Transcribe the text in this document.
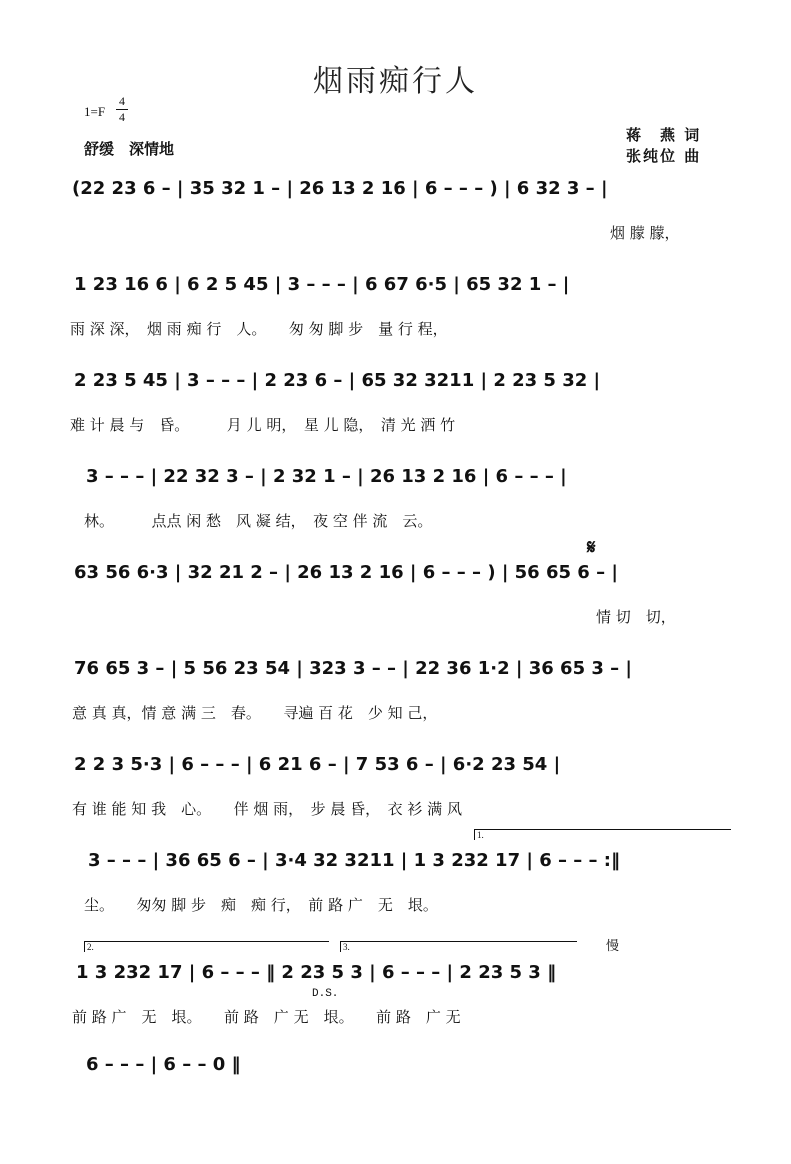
烟雨痴行人
1=F
4
4
舒缓　深情地
蒋　燕 词
张纯位 曲
(22 23 6 – | 35 32 1 – | 26 13 2 16 | 6 – – – ) | 6 32 3 – |
烟 朦 朦，
1 23 16 6 | 6 2 5 45 | 3 – – – | 6 67 6·5 | 65 32 1 – |
雨 深 深，　烟 雨 痴 行　人。　　匆 匆 脚 步　量 行 程，
2 23 5 45 | 3 – – – | 2 23 6 – | 65 32 3211 | 2 23 5 32 |
难 计 晨 与　昏。　　　月 儿 明，　星 儿 隐，　清 光 洒 竹
3 – – – | 22 32 3 – | 2 32 1 – | 26 13 2 16 | 6 – – – |
林。　　　点点 闲 愁　风 凝 结，　夜 空 伴 流　云。
𝄋
63 56 6·3 | 32 21 2 – | 26 13 2 16 | 6 – – – ) | 56 65 6 – |
情 切　切，
76 65 3 – | 5 56 23 54 | 323 3 – – | 22 36 1·2 | 36 65 3 – |
意 真 真，情 意 满 三　春。　　寻遍 百 花　少 知 己，
2 2 3 5·3 | 6 – – – | 6 21 6 – | 7 53 6 – | 6·2 23 54 |
有 谁 能 知 我　心。　　伴 烟 雨，　步 晨 昏，　衣 衫 满 风
1.
3 – – – | 36 65 6 – | 3·4 32 3211 | 1 3 232 17 | 6 – – – :‖
尘。　　匆匆 脚 步　痴　痴 行，　前 路 广　无　垠。
2.	3.	慢
D.S.
1 3 232 17 | 6 – – – ‖ 2 23 5 3 | 6 – – – | 2 23 5 3 ‖
前 路 广　无　垠。　　前 路　广 无　垠。　　前 路　广 无
6 – – – | 6 – – 0 ‖
